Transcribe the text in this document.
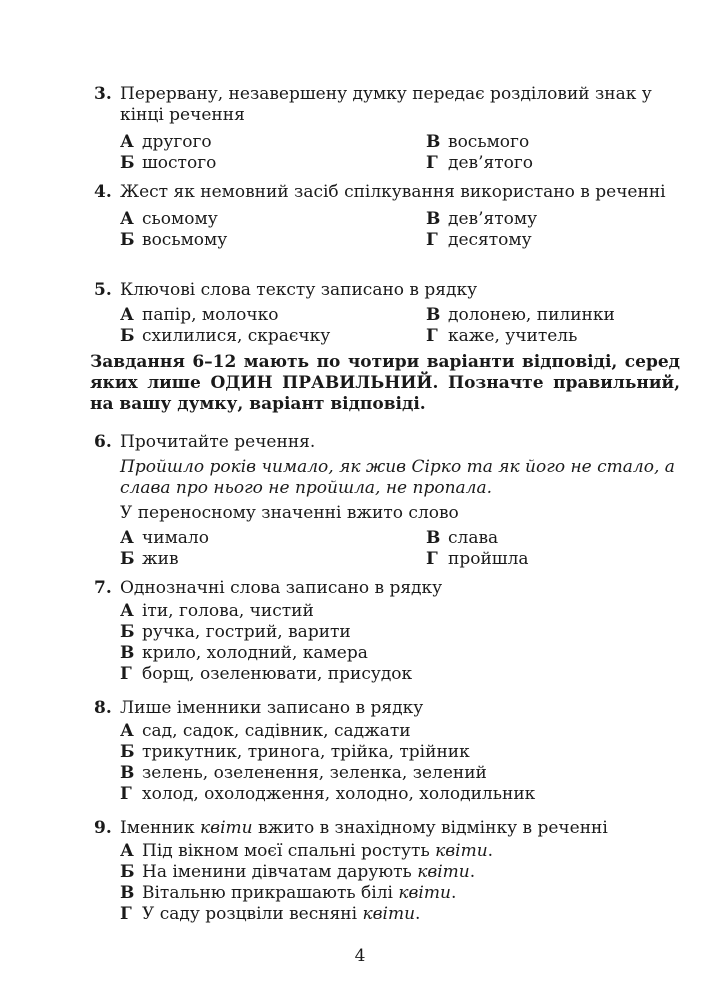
3. Перервану, незавершену думку передає розділовий знак у кінці речення
А другого
Б шостого
В восьмого
Г дев’ятого
4. Жест як немовний засіб спілкування використано в реченні
А сьомому
Б восьмому
В дев’ятому
Г десятому
5. Ключові слова тексту записано в рядку
А папір, молочко
Б схилилися, скраєчку
В долонею, пилинки
Г каже, учитель
Завдання 6–12 мають по чотири варіанти відповіді, серед яких лише ОДИН ПРАВИЛЬНИЙ. Позначте правильний, на вашу думку, варіант відповіді.
6. Прочитайте речення.
Пройшло років чимало, як жив Сірко та як його не стало, а слава про нього не пройшла, не пропала.
У переносному значенні вжито слово
А чимало
Б жив
В слава
Г пройшла
7. Однозначні слова записано в рядку
А іти, голова, чистий
Б ручка, гострий, варити
В крило, холодний, камера
Г борщ, озеленювати, присудок
8. Лише іменники записано в рядку
А сад, садок, садівник, саджати
Б трикутник, тринога, трійка, трійник
В зелень, озеленення, зеленка, зелений
Г холод, охолодження, холодно, холодильник
9. Іменник квіти вжито в знахідному відмінку в реченні
А Під вікном моєї спальні ростуть квіти.
Б На іменини дівчатам дарують квіти.
В Вітальню прикрашають білі квіти.
Г У саду розцвіли весняні квіти.
4
